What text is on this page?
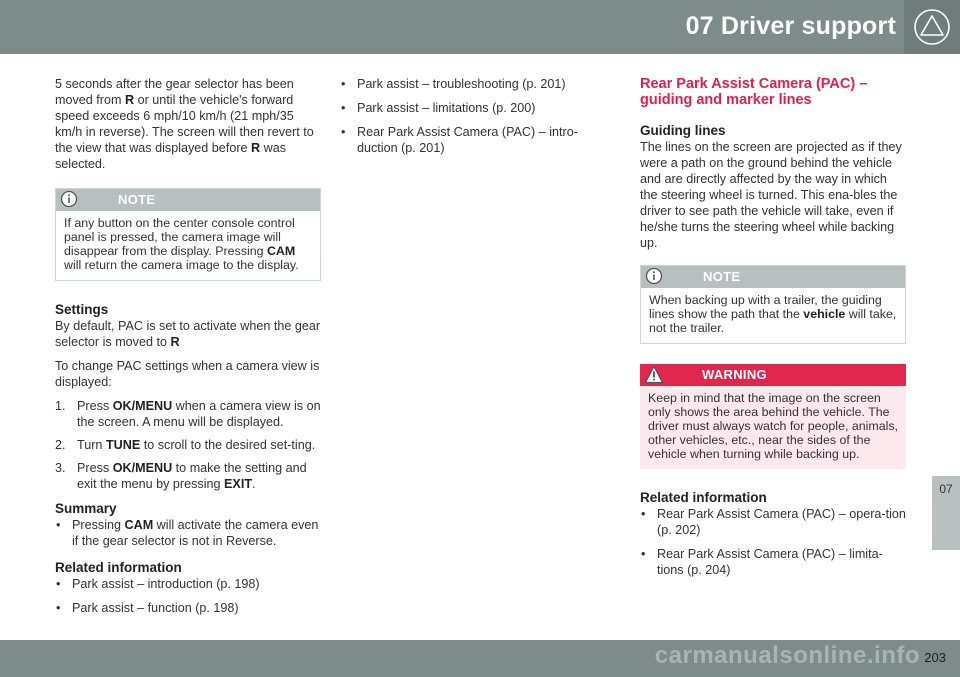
07 Driver support
07

5 seconds after the gear selector has been moved from R or until the vehicle's forward speed exceeds 6 mph/10 km/h (21 mph/35 km/h in reverse). The screen will then revert to the view that was displayed before R was selected.

NOTE
If any button on the center console control panel is pressed, the camera image will disappear from the display. Pressing CAM will return the camera image to the display.
Settings

By default, PAC is set to activate when the gear selector is moved to R

To change PAC settings when a camera view is displayed:

1. Press OK/MENU when a camera view is on the screen. A menu will be displayed.
2. Turn TUNE to scroll to the desired set-ting.
3. Press OK/MENU to make the setting and exit the menu by pressing EXIT.
Summary
• Pressing CAM will activate the camera even if the gear selector is not in Reverse.
Related information
• Park assist – introduction (p. 198)
• Park assist – function (p. 198)
• Park assist – troubleshooting (p. 201)
• Park assist – limitations (p. 200)
• Rear Park Assist Camera (PAC) – intro-duction (p. 201)
Rear Park Assist Camera (PAC) – guiding and marker lines
Guiding lines

The lines on the screen are projected as if they were a path on the ground behind the vehicle and are directly affected by the way in which the steering wheel is turned. This ena-bles the driver to see path the vehicle will take, even if he/she turns the steering wheel while backing up.

NOTE
When backing up with a trailer, the guiding lines show the path that the vehicle will take, not the trailer.
WARNING
Keep in mind that the image on the screen only shows the area behind the vehicle. The driver must always watch for people, animals, other vehicles, etc., near the sides of the vehicle when turning while backing up.
Related information
• Rear Park Assist Camera (PAC) – opera-tion (p. 202)
• Rear Park Assist Camera (PAC) – limita-tions (p. 204)
carmanualsonline.info 203
